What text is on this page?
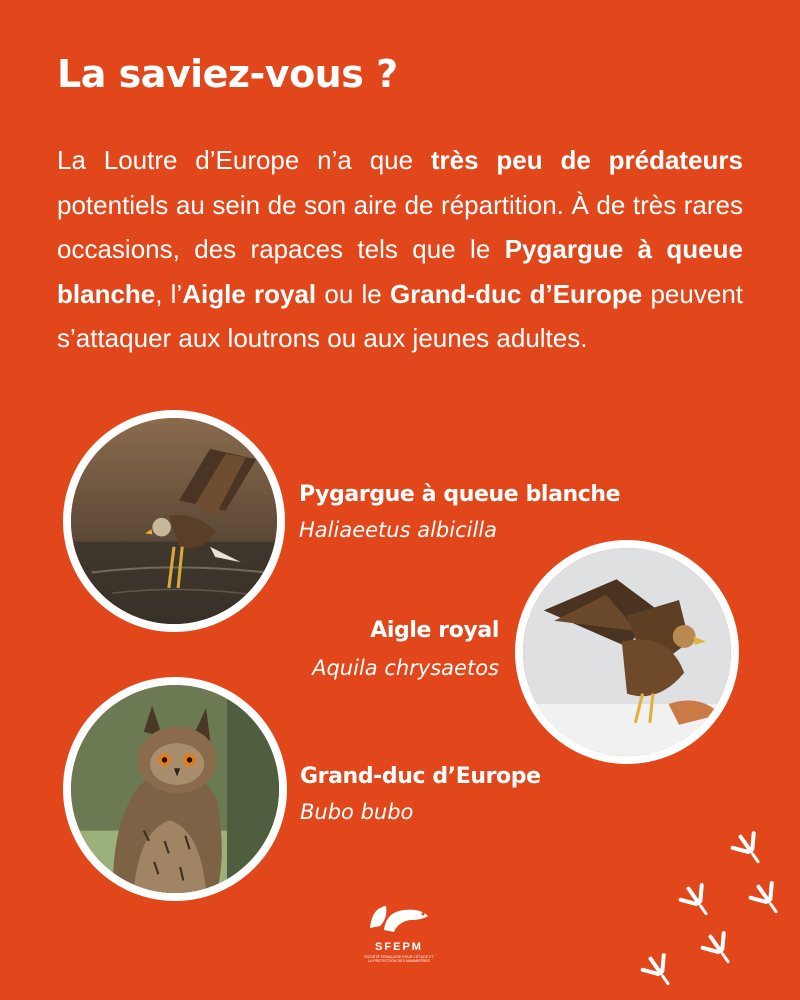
La saviez-vous ?

La Loutre d’Europe n’a que très peu de prédateurs potentiels au sein de son aire de répartition. À de très rares occasions, des rapaces tels que le Pygargue à queue blanche, l’Aigle royal ou le Grand-duc d’Europe peuvent s’attaquer aux loutrons ou aux jeunes adultes.

Pygargue à queue blanche
Haliaeetus albicilla
Aigle royal
Aquila chrysaetos
Grand-duc d’Europe
Bubo bubo
SFEPM
SOCIÉTÉ FRANÇAISE POUR L’ÉTUDE ET LA PROTECTION DES MAMMIFÈRES
